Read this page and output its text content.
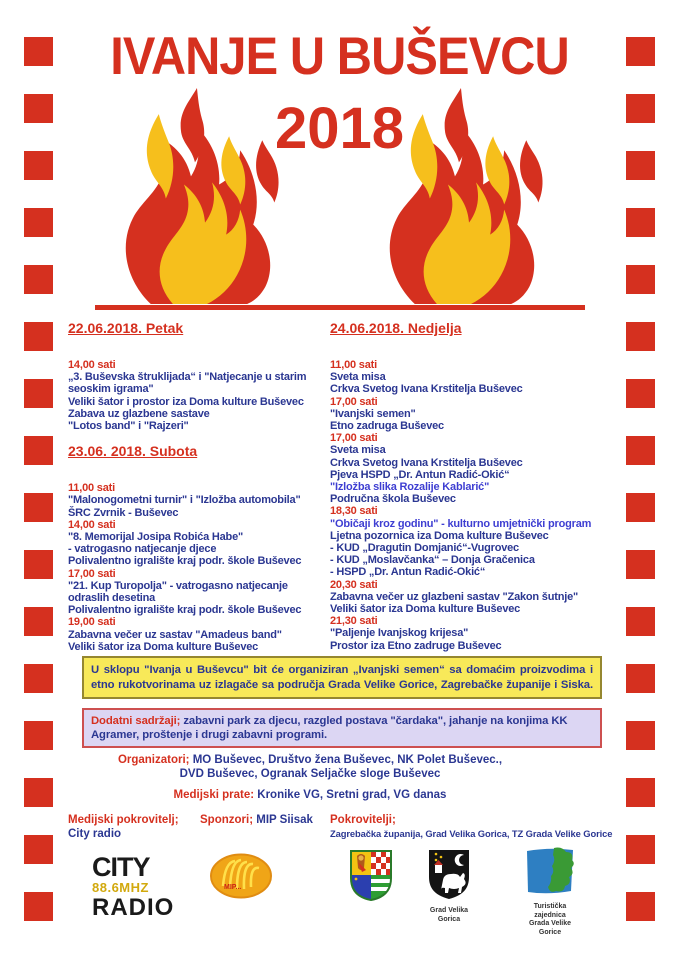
IVANJE U BUŠEVCU
2018
22.06.2018. Petak
14,00 sati
„3. Buševska štruklijada“ i "Natjecanje u starim seoskim igrama"
Veliki šator i prostor iza Doma kulture Buševec
Zabava uz glazbene sastave
"Lotos band" i "Rajzeri"
23.06. 2018. Subota
11,00 sati
"Malonogometni turnir" i "Izložba automobila"
ŠRC Zvrnik - Buševec
14,00 sati
"8. Memorijal Josipa Robića Habe"
- vatrogasno natjecanje djece
Polivalentno igralište kraj podr. škole Buševec
17,00 sati
"21. Kup Turopolja" - vatrogasno natjecanje odraslih desetina
Polivalentno igralište kraj podr. škole Buševec
19,00 sati
Zabavna večer uz sastav "Amadeus band"
Veliki šator iza Doma kulture Buševec
24.06.2018. Nedjelja
11,00 sati
Sveta misa
Crkva Svetog Ivana Krstitelja Buševec
17,00 sati
"Ivanjski semen"
Etno zadruga Buševec
17,00 sati
Sveta misa
Crkva Svetog Ivana Krstitelja Buševec
Pjeva HSPD „Dr. Antun Radić-Okić“
"Izložba slika Rozalije Kablarić"
Područna škola Buševec
18,30 sati
"Običaji kroz godinu" - kulturno umjetnički program
Ljetna pozornica iza Doma kulture Buševec
- KUD „Dragutin Domjanić“-Vugrovec
- KUD „Moslavčanka“ – Donja Gračenica
- HSPD „Dr. Antun Radić-Okić“
20,30 sati
Zabavna večer uz glazbeni sastav "Zakon šutnje"
Veliki šator iza Doma kulture Buševec
21,30 sati
"Paljenje Ivanjskog krijesa"
Prostor iza Etno zadruge Buševec
U sklopu "Ivanja u Buševcu" bit će organiziran „Ivanjski semen“ sa domaćim proizvodima i etno rukotvorinama uz izlagače sa područja Grada Velike Gorice, Zagrebačke županije i Siska.
Dodatni sadržaji; zabavni park za djecu, razgled postava "čardaka", jahanje na konjima KK Agramer, proštenje i drugi zabavni programi.
Organizatori; MO Buševec, Društvo žena Buševec, NK Polet Buševec.,
DVD Buševec, Ogranak Seljačke sloge Buševec
Medijski prate: Kronike VG, Sretni grad, VG danas
Medijski pokrovitelj;
City radio
Sponzori; MIP Siisak Pokrovitelji;
Zagrebačka županija, Grad Velika Gorica, TZ Grada Velike Gorice
CITY
88.6MHZ
RADIO
MIP...
Grad Velika Gorica
Turistička zajednica
Grada Velike Gorice
